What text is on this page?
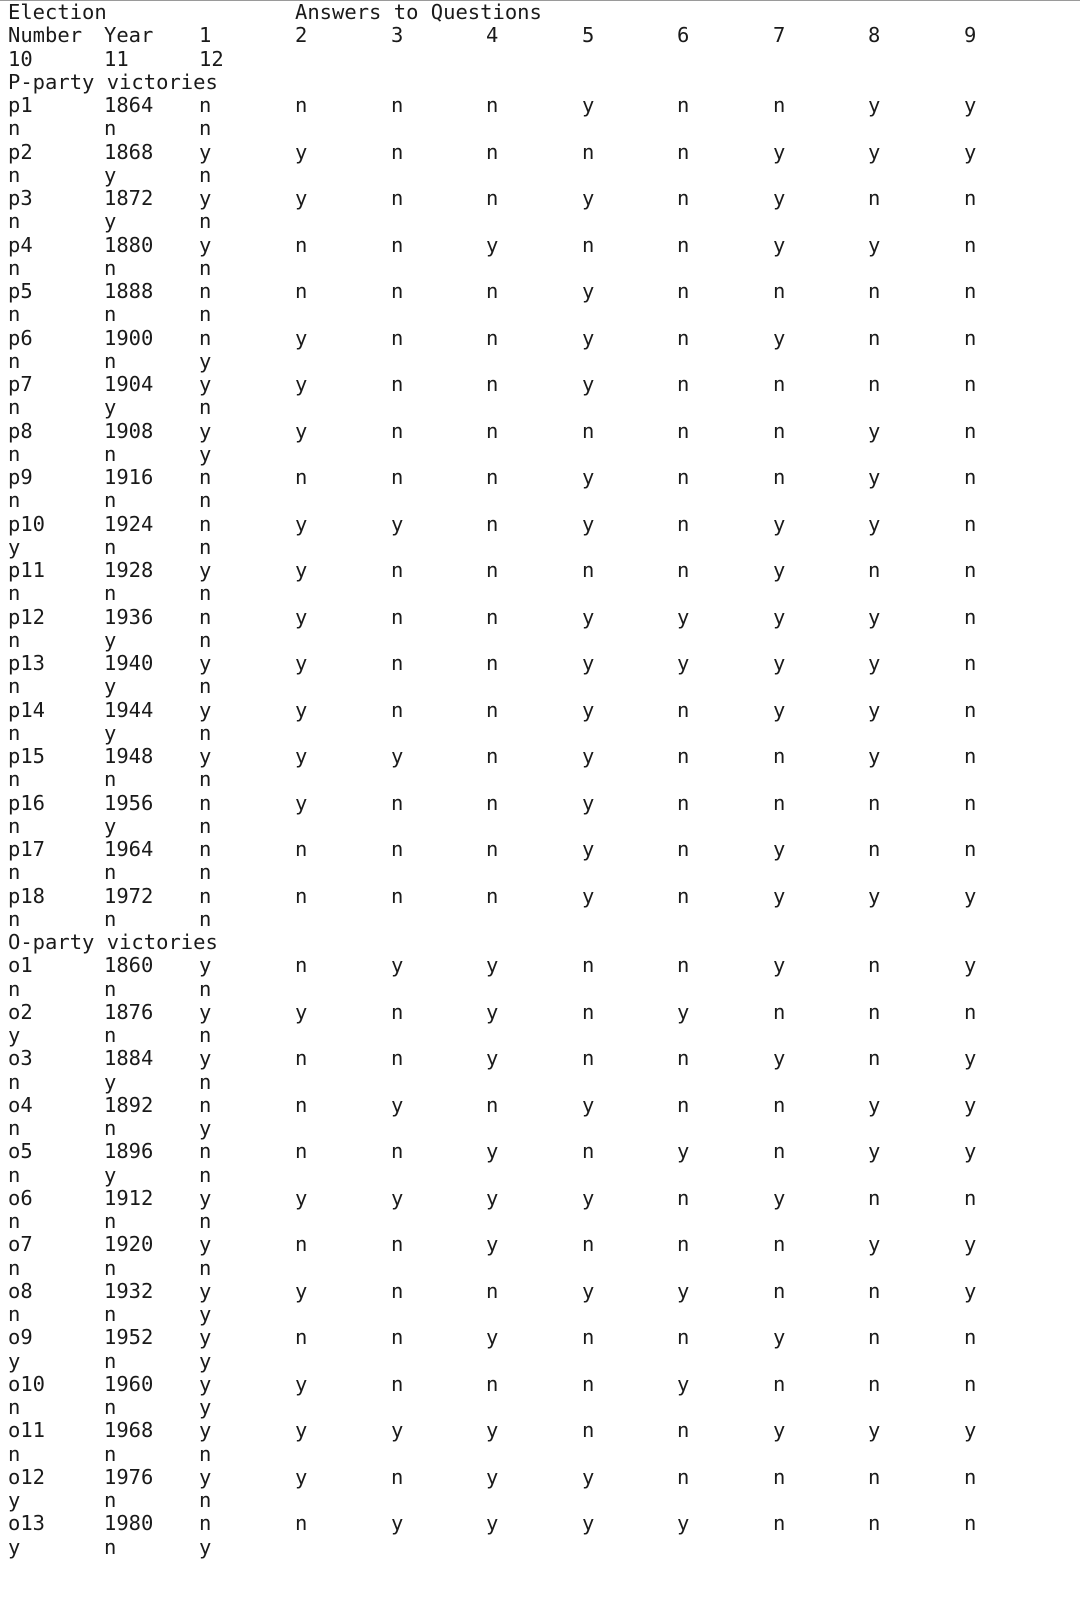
Election	Answers to Questions
Number Year 1	2	3	4	5	6	7	8	9
10	11	12
P-party victories
p1	1864 n	n	n	n	y	n	n	y	y
n	n	n
p2	1868 y	y	n	n	n	n	y	y	y
n	y	n
p3	1872 y	y	n	n	y	n	y	n	n
n	y	n
p4	1880 y	n	n	y	n	n	y	y	n
n	n	n
p5	1888 n	n	n	n	y	n	n	n	n
n	n	n
p6	1900 n	y	n	n	y	n	y	n	n
n	n	y
p7	1904 y	y	n	n	y	n	n	n	n
n	y	n
p8	1908 y	y	n	n	n	n	n	y	n
n	n	y
p9	1916 n	n	n	n	y	n	n	y	n
n	n	n
p10	1924 n	y	y	n	y	n	y	y	n
y	n	n
p11	1928 y	y	n	n	n	n	y	n	n
n	n	n
p12	1936 n	y	n	n	y	y	y	y	n
n	y	n
p13	1940 y	y	n	n	y	y	y	y	n
n	y	n
p14	1944 y	y	n	n	y	n	y	y	n
n	y	n
p15	1948 y	y	y	n	y	n	n	y	n
n	n	n
p16	1956 n	y	n	n	y	n	n	n	n
n	y	n
p17	1964 n	n	n	n	y	n	y	n	n
n	n	n
p18	1972 n	n	n	n	y	n	y	y	y
n	n	n
O-party victories
o1	1860 y	n	y	y	n	n	y	n	y
n	n	n
o2	1876 y	y	n	y	n	y	n	n	n
y	n	n
o3	1884 y	n	n	y	n	n	y	n	y
n	y	n
o4	1892 n	n	y	n	y	n	n	y	y
n	n	y
o5	1896 n	n	n	y	n	y	n	y	y
n	y	n
o6	1912 y	y	y	y	y	n	y	n	n
n	n	n
o7	1920 y	n	n	y	n	n	n	y	y
n	n	n
o8	1932 y	y	n	n	y	y	n	n	y
n	n	y
o9	1952 y	n	n	y	n	n	y	n	n
y	n	y
o10	1960 y	y	n	n	n	y	n	n	n
n	n	y
o11	1968 y	y	y	y	n	n	y	y	y
n	n	n
o12	1976 y	y	n	y	y	n	n	n	n
y	n	n
o13	1980 n	n	y	y	y	y	n	n	n
y	n	y
